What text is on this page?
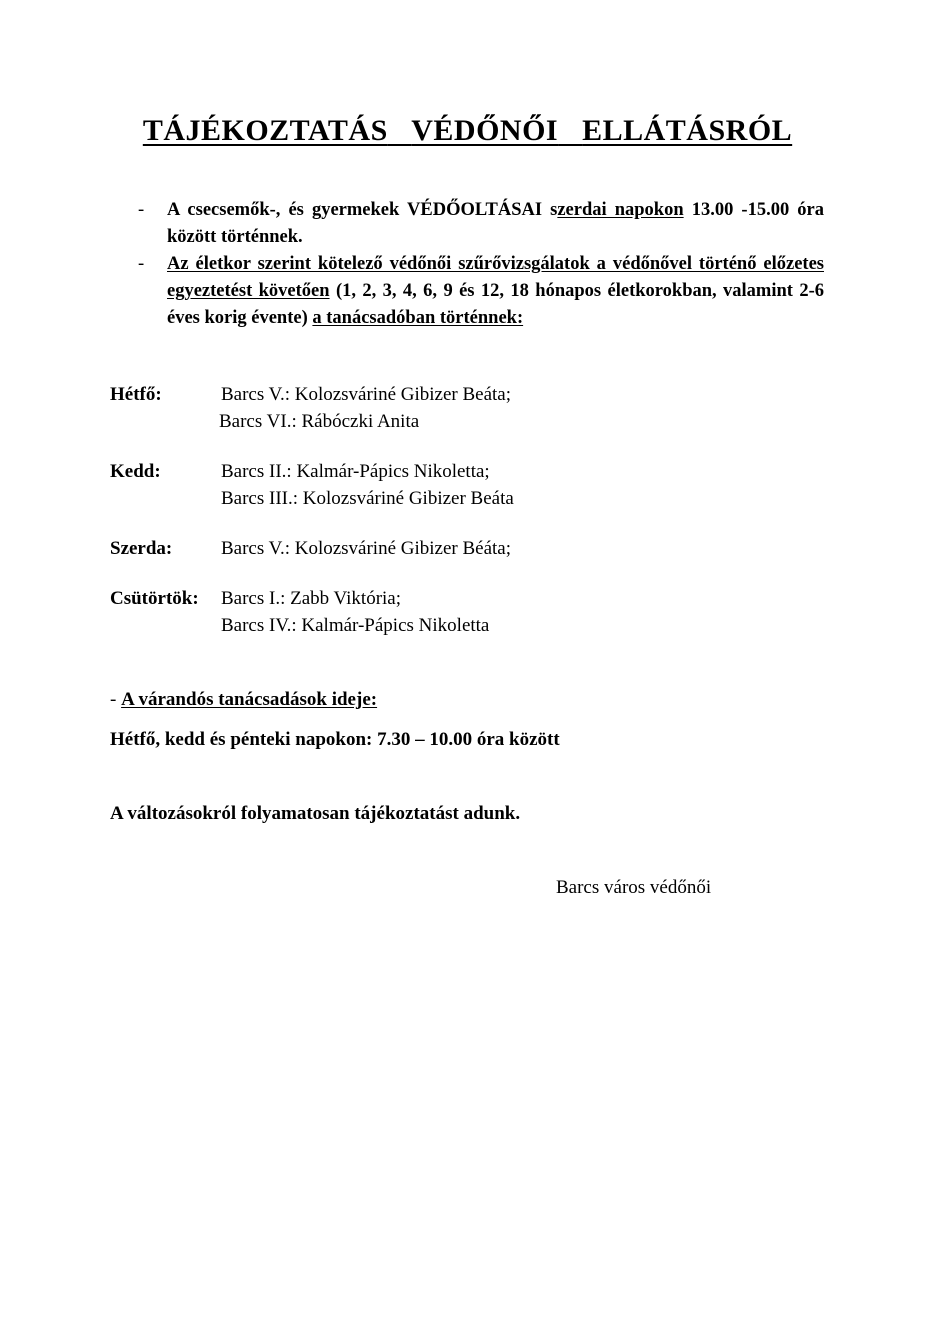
TÁJÉKOZTATÁS VÉDŐNŐI ELLÁTÁSRÓL
- A csecsemők-, és gyermekek VÉDŐOLTÁSAI szerdai napokon 13.00 -15.00 óra között történnek.
- Az életkor szerint kötelező védőnői szűrővizsgálatok a védőnővel történő előzetes egyeztetést követően (1, 2, 3, 4, 6, 9 és 12, 18 hónapos életkorokban, valamint 2-6 éves korig évente) a tanácsadóban történnek:
Hétfő:	Barcs V.: Kolozsváriné Gibizer Beáta;
Barcs VI.: Rábóczki Anita
Kedd:	Barcs II.: Kalmár-Pápics Nikoletta;
Barcs III.: Kolozsváriné Gibizer Beáta
Szerda:	Barcs V.: Kolozsváriné Gibizer Béáta;
Csütörtök: Barcs I.: Zabb Viktória;
Barcs IV.: Kalmár-Pápics Nikoletta
- A várandós tanácsadások ideje:
Hétfő, kedd és pénteki napokon: 7.30 – 10.00 óra között
A változásokról folyamatosan tájékoztatást adunk.
Barcs város védőnői
